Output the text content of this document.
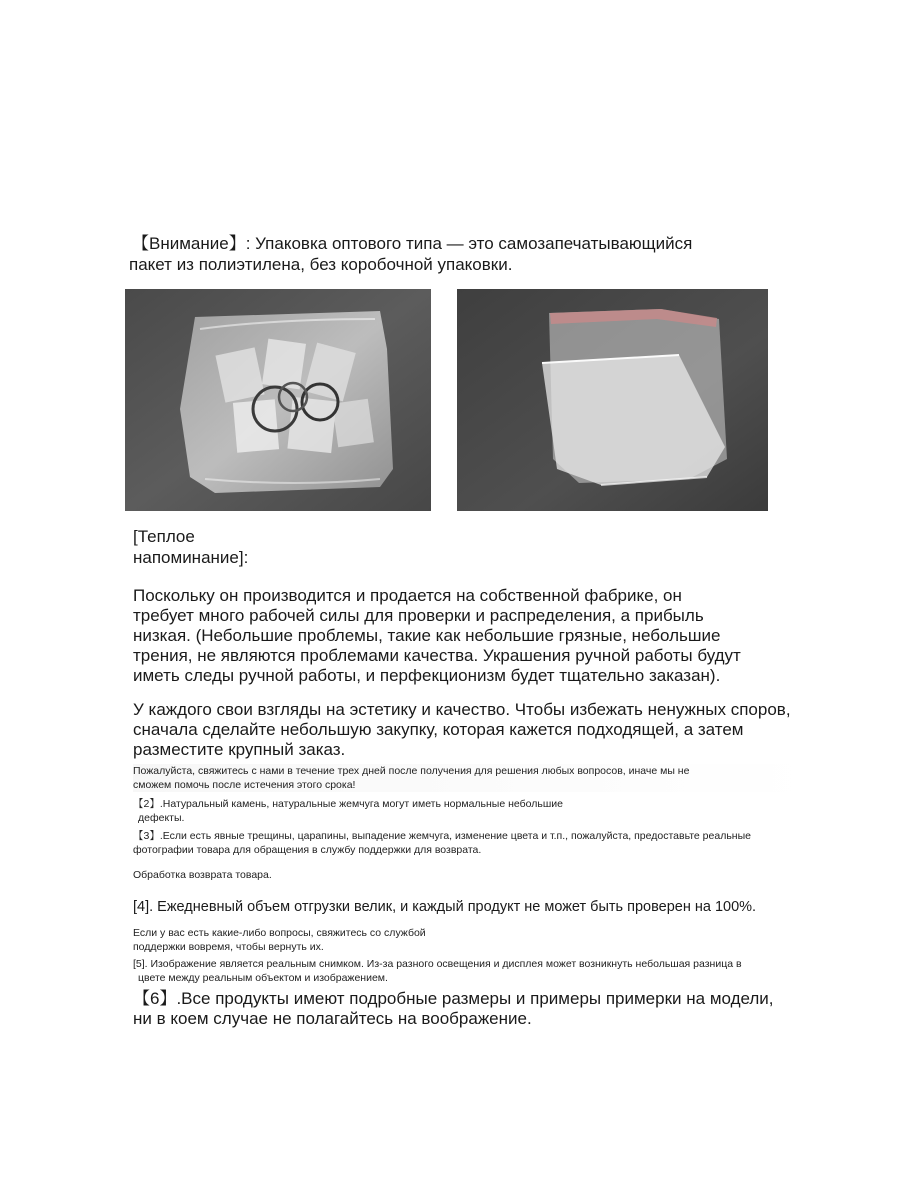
【Внимание】: Упаковка оптового типа — это самозапечатывающийся
пакет из полиэтилена, без коробочной упаковки.
[Теплое
напоминание]:
Поскольку он производится и продается на собственной фабрике, он
требует много рабочей силы для проверки и распределения, а прибыль
низкая. (Небольшие проблемы, такие как небольшие грязные, небольшие
трения, не являются проблемами качества. Украшения ручной работы будут
иметь следы ручной работы, и перфекционизм будет тщательно заказан).
У каждого свои взгляды на эстетику и качество. Чтобы избежать ненужных споров,
сначала сделайте небольшую закупку, которая кажется подходящей, а затем
разместите крупный заказ.
Пожалуйста, свяжитесь с нами в течение трех дней после получения для решения любых вопросов, иначе мы не
сможем помочь после истечения этого срока!
【2】.Натуральный камень, натуральные жемчуга могут иметь нормальные небольшие
дефекты.
【3】.Если есть явные трещины, царапины, выпадение жемчуга, изменение цвета и т.п., пожалуйста, предоставьте реальные
фотографии товара для обращения в службу поддержки для возврата.
Обработка возврата товара.
[4]. Ежедневный объем отгрузки велик, и каждый продукт не может быть проверен на 100%.
Если у вас есть какие-либо вопросы, свяжитесь со службой
поддержки вовремя, чтобы вернуть их.
[5]. Изображение является реальным снимком. Из-за разного освещения и дисплея может возникнуть небольшая разница в
цвете между реальным объектом и изображением.
【6】.Все продукты имеют подробные размеры и примеры примерки на модели,
ни в коем случае не полагайтесь на воображение.
